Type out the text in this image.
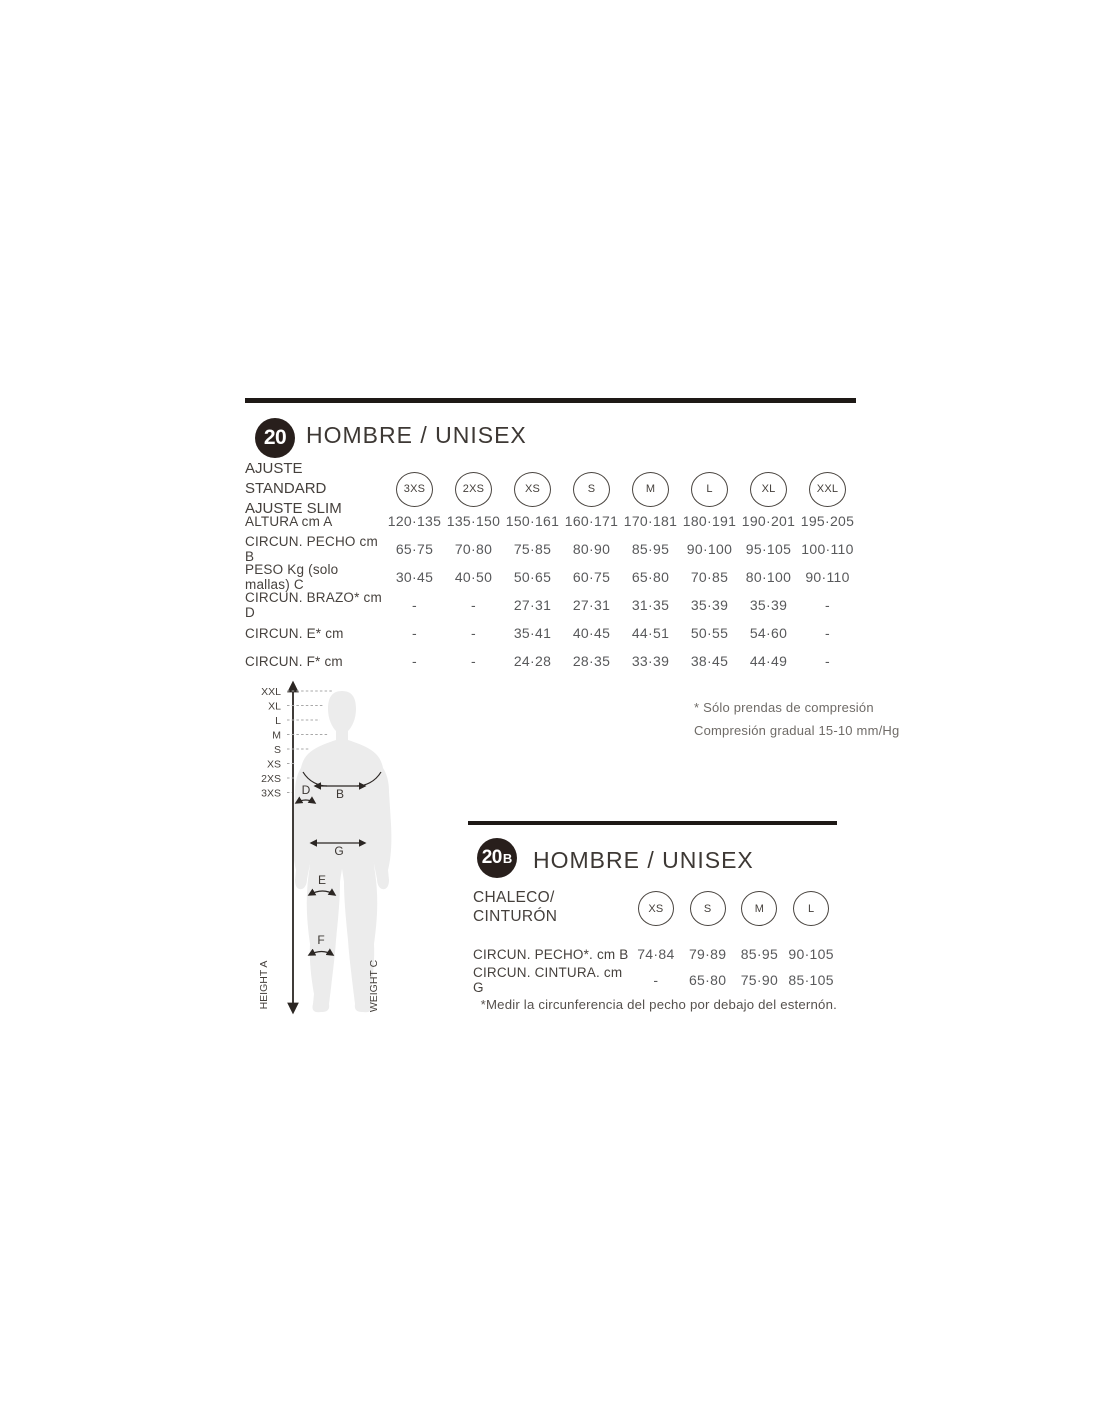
20 HOMBRE / UNISEX
AJUSTE STANDARD
AJUSTE SLIM
3XS	2XS	XS	S	M	L	XL	XXL
ALTURA cm A	120·135 135·150 150·161 160·171 170·181 180·191 190·201 195·205
CIRCUN. PECHO cm B	65·75	70·80	75·85	80·90	85·95	90·100 95·105 100·110
PESO Kg (solo mallas) C	30·45	40·50	50·65	60·75	65·80	70·85	80·100	90·110
CIRCUN. BRAZO* cm D	-	-	27·31	27·31	31·35	35·39	35·39	-
CIRCUN. E* cm	-	-	35·41	40·45	44·51	50·55	54·60	-
CIRCUN. F* cm	-	-	24·28	28·35	33·39	38·45	44·49	-
* Sólo prendas de compresión
Compresión gradual 15-10 mm/Hg
XXL
XL
L
M
S
XS
2XS
3XS	B
D
G
E
F
HEIGHT A	WEIGHT C
20 B HOMBRE / UNISEX
CHALECO/
CINTURÓN	XS	S	M	L
CIRCUN. PECHO*. cm B 74·84	79·89	85·95 90·105
CIRCUN. CINTURA. cm G	-	65·80	75·90 85·105
*Medir la circunferencia del pecho por debajo del esternón.
